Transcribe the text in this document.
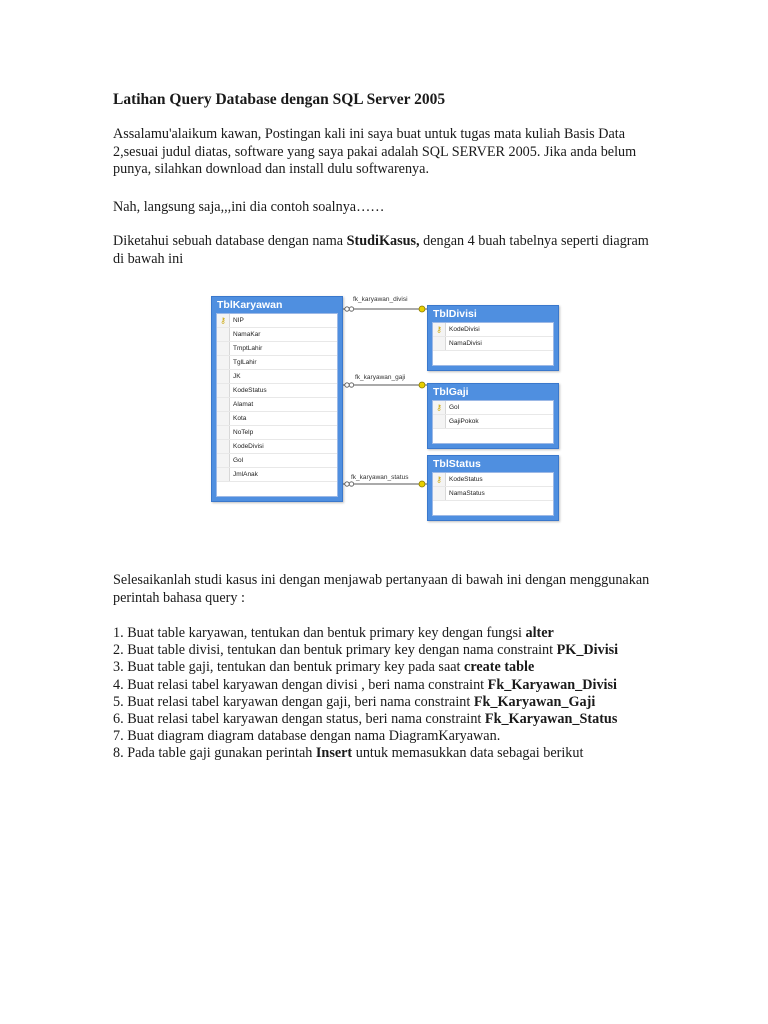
Latihan Query Database dengan SQL Server 2005

Assalamu'alaikum kawan, Postingan kali ini saya buat untuk tugas mata kuliah Basis Data 2,sesuai judul diatas, software yang saya pakai adalah SQL SERVER 2005. Jika anda belum punya, silahkan download dan install dulu softwarenya.

Nah, langsung saja,,,ini dia contoh soalnya……

Diketahui sebuah database dengan nama StudiKasus, dengan 4 buah tabelnya seperti diagram di bawah ini

fk_karyawan_divisi
fk_karyawan_gaji
fk_karyawan_status
TblKaryawan
⚷ NIP
NamaKar
TmptLahir
TglLahir
JK
KodeStatus
Alamat
Kota
NoTelp
KodeDivisi
Gol
JmlAnak
TblDivisi
⚷ KodeDivisi
NamaDivisi
TblGaji
⚷ Gol
GajiPokok
TblStatus
⚷ KodeStatus
NamaStatus

Selesaikanlah studi kasus ini dengan menjawab pertanyaan di bawah ini dengan menggunakan perintah bahasa query :

1. Buat table karyawan, tentukan dan bentuk primary key dengan fungsi alter
2. Buat table divisi, tentukan dan bentuk primary key dengan nama constraint PK_Divisi
3. Buat table gaji, tentukan dan bentuk primary key pada saat create table
4. Buat relasi tabel karyawan dengan divisi , beri nama constraint Fk_Karyawan_Divisi
5. Buat relasi tabel karyawan dengan gaji, beri nama constraint Fk_Karyawan_Gaji
6. Buat relasi tabel karyawan dengan status, beri nama constraint Fk_Karyawan_Status
7. Buat diagram diagram database dengan nama DiagramKaryawan.
8. Pada table gaji gunakan perintah Insert untuk memasukkan data sebagai berikut
